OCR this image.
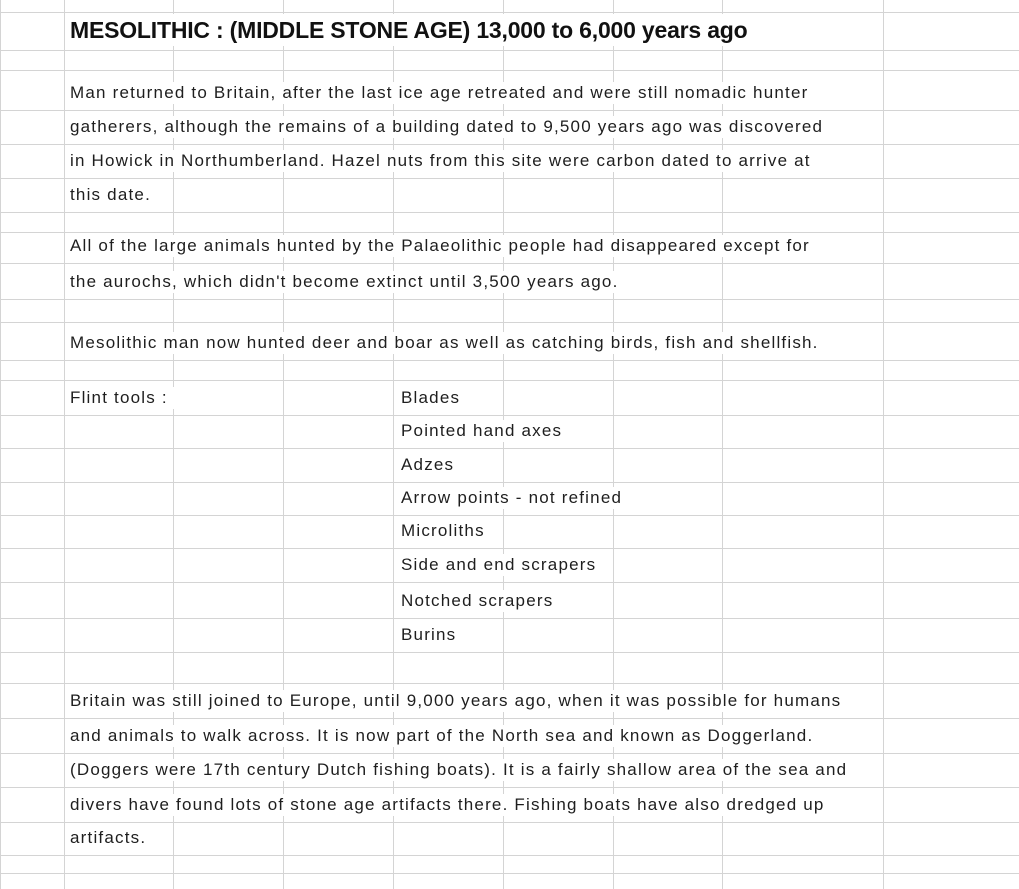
MESOLITHIC : (MIDDLE STONE AGE) 13,000 to 6,000 years ago
Man returned to Britain, after the last ice age retreated and were still nomadic hunter
gatherers, although the remains of a building dated to 9,500 years ago was discovered
in Howick in Northumberland. Hazel nuts from this site were carbon dated to arrive at
this date.
All of the large animals hunted by the Palaeolithic people had disappeared except for
the aurochs, which didn't become extinct until 3,500 years ago.
Mesolithic man now hunted deer and boar as well as catching birds, fish and shellfish.
Flint tools :	Blades
Pointed hand axes
Adzes
Arrow points - not refined
Microliths
Side and end scrapers
Notched scrapers
Burins
Britain was still joined to Europe, until 9,000 years ago, when it was possible for humans
and animals to walk across. It is now part of the North sea and known as Doggerland.
(Doggers were 17th century Dutch fishing boats). It is a fairly shallow area of the sea and
divers have found lots of stone age artifacts there. Fishing boats have also dredged up
artifacts.
